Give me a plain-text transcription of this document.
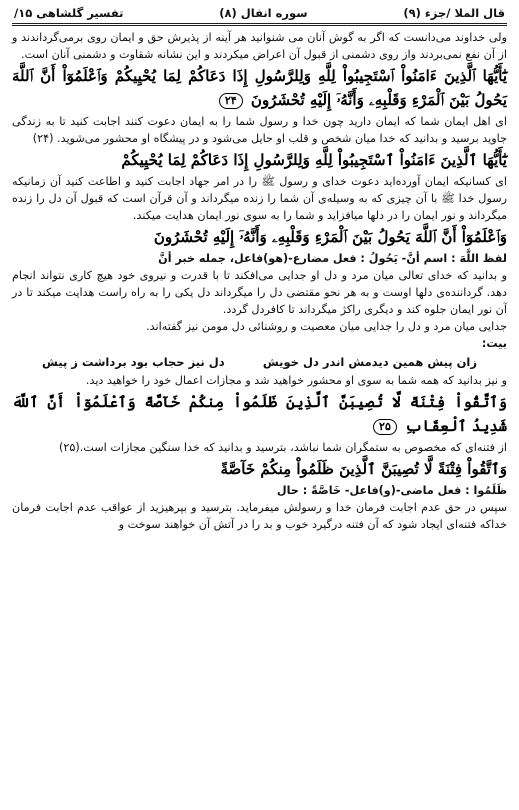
قال الملا /جزء (۹)
سوره انفال (۸)
تفسیر گلشاهی ۱۵/

ولی خداوند می‌دانست که اگر به گوش آنان می شنوانید هر آینه از پذیرش حق و ایمان روی برمی‌گرداندند و از آن نفع نمی‌بردند واز روی دشمنی از قبول آن اعراض میکردند و این نشانه شقاوت و دشمنی آنان است.

يَٰٓأَيُّهَا ٱلَّذِينَ ءَامَنُواْ ٱسْتَجِيبُواْ لِلَّهِ وَلِلرَّسُولِ إِذَا دَعَاكُمْ لِمَا يُحْيِيكُمْ وَٱعْلَمُوٓاْ أَنَّ ٱللَّهَ يَحُولُ بَيْنَ ٱلْمَرْءِ وَقَلْبِهِۦ وَأَنَّهُۥٓ إِلَيْهِ تُحْشَرُونَ ۲۴

ای اهل ایمان شما که ایمان دارید چون خدا و رسول شما را به ایمان دعوت کنند اجابت کنید تا به زندگی جاوید برسید و بدانید که خدا میان شخص و قلب او حایل می‌شود و در پیشگاه او محشور می‌شوید. (۲۴)

يَٰٓأَيُّهَا ٱلَّذِينَ ءَامَنُواْ ٱسْتَجِيبُواْ لِلَّهِ وَلِلرَّسُولِ إِذَا دَعَاكُمْ لِمَا يُحْيِيكُمْ

ای کسانیکه ایمان آورده‌اید دعوت خدای و رسول ﷺ را در امر جهاد اجابت کنید و اطاعت کنید آن زمانیکه رسول خدا ﷺ با آن چیزی که به وسیله‌ی آن شما را زنده میگرداند و آن قرآن است که قبول آن دل را زنده میگرداند و نور ایمان را در دلها میافزاید و شما را به سوی نور ایمان هدایت میکند.

وَٱعْلَمُوٓاْ أَنَّ ٱللَّهَ يَحُولُ بَيْنَ ٱلْمَرْءِ وَقَلْبِهِۦ وَأَنَّهُۥٓ إِلَيْهِ تُحْشَرُونَ

لفظ اللَّهَ : اسم أنَّ- يَحُولُ : فعل مضارع-(هو)فاعل، جمله خبر أنَّ

و بدانید که خدای تعالی میان مرد و دل او جدایی می‌افکند تا با قدرت و نیروی خود هیچ کاری نتواند انجام دهد. گرداننده‌ی دلها اوست و به هر نحو مقتضی دل را میگرداند دل یکی را به راه راست هدایت میکند تا در آن نور ایمان جلوه کند و دیگری راکژ میگرداند تا کافردل گردد.

جدایی میان مرد و دل را جدایی میان معصیت و روشنائی دل مومن نیز گفته‌اند.

بیت:

زان پیش همین دیدمش اندر دل خویش
دل نیز حجاب بود برداشت ز پیش

و نیز بدانید که همه شما به سوی او محشور خواهید شد و مجازات اعمال خود را خواهید دید.

وَٱتَّقُواْ فِتْنَةً لَّا تُصِيبَنَّ ٱلَّذِينَ ظَلَمُواْ مِنكُمْ خَآصَّةً وَٱعْلَمُوٓاْ أَنَّ ٱللَّهَ شَدِيدُ ٱلْعِقَابِ ۲۵

از فتنه‌ای که مخصوص به ستمگران شما نباشد، بترسید و بدانید که خدا سنگین مجازات است.(۲۵)

وَٱتَّقُواْ فِتْنَةً لَّا تُصِيبَنَّ ٱلَّذِينَ ظَلَمُواْ مِنكُمْ خَآصَّةً

ظَلَمُوا : فعل ماضی-(و)فاعل- خَاصَّةً : حال

سپس در حق عدم اجابت فرمان خدا و رسولش میفرماید. بترسید و بپرهیزید از عواقب عدم اجابت فرمان خداکه فتنه‌ای ایجاد شود که آن فتنه درگیرد خوب و بد را در آتش آن خواهند سوخت و
